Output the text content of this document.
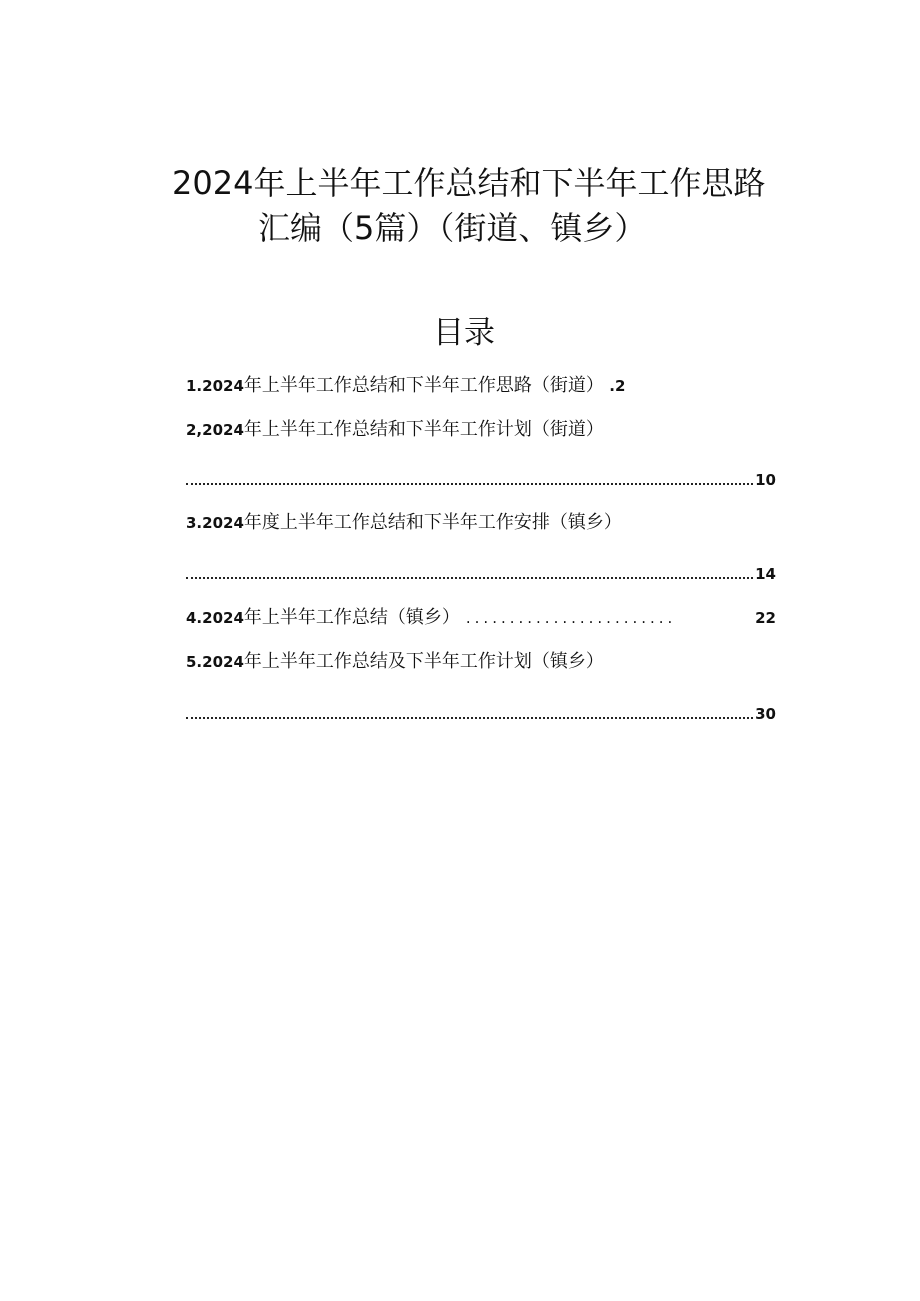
2024年上半年工作总结和下半年工作思路
汇编（5篇）（街道、镇乡）
目录
1.2024年上半年工作总结和下半年工作思路（街道） .2
2,2024年上半年工作总结和下半年工作计划（街道）
10
3.2024年度上半年工作总结和下半年工作安排（镇乡）
14
4.2024年上半年工作总结（镇乡） ........................	22
5.2024年上半年工作总结及下半年工作计划（镇乡）
30
